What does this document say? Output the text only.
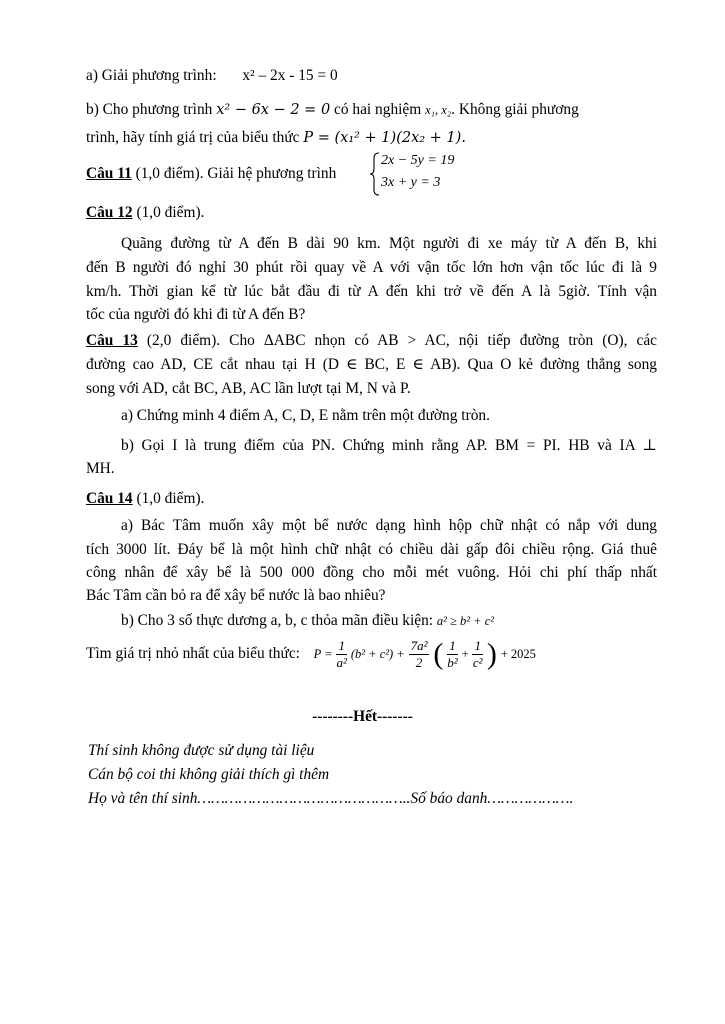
a) Giải phương trình: x² – 2x - 15 = 0
b) Cho phương trình x² − 6x − 2 = 0 có hai nghiệm x₁, x₂. Không giải phương
trình, hãy tính giá trị của biểu thức P = (x₁² + 1)(2x₂ + 1).
Câu 11 (1,0 điểm). Giải hệ phương trình
2x − 5y = 19
3x + y = 3
Câu 12 (1,0 điểm).
Quãng đường từ A đến B dài 90 km. Một người đi xe máy từ A đến B, khi
đến B người đó nghỉ 30 phút rồi quay về A với vận tốc lớn hơn vận tốc lúc đi là 9
km/h. Thời gian kể từ lúc bắt đầu đi từ A đến khi trở về đến A là 5giờ. Tính vận
tốc của người đó khi đi từ A đến B?
Câu 13 (2,0 điểm). Cho ΔABC nhọn có AB > AC, nội tiếp đường tròn (O), các
đường cao AD, CE cắt nhau tại H (D ∈ BC, E ∈ AB). Qua O kẻ đường thẳng song
song với AD, cắt BC, AB, AC lần lượt tại M, N và P.
a) Chứng minh 4 điểm A, C, D, E nằm trên một đường tròn.
b) Gọi I là trung điểm của PN. Chứng minh rằng AP. BM = PI. HB và IA ⊥
MH.
Câu 14 (1,0 điểm).
a) Bác Tâm muốn xây một bể nước dạng hình hộp chữ nhật có nắp với dung
tích 3000 lít. Đáy bể là một hình chữ nhật có chiều dài gấp đôi chiều rộng. Giá thuê
công nhân để xây bể là 500 000 đồng cho mỗi mét vuông. Hỏi chi phí thấp nhất
Bác Tâm cần bỏ ra để xây bể nước là bao nhiêu?
b) Cho 3 số thực dương a, b, c thỏa mãn điều kiện: a² ≥ b² + c²
Tìm giá trị nhỏ nhất của biểu thức: $P = \frac{1}{\text{a²}} (b^2 + c^2) + \frac{\text{7a²}}{2}$ ( $\frac{1}{\text{b²}} + \frac{1}{\text{c²}}$ ) + 2025
--------Hết-------
Thí sinh không được sử dụng tài liệu
Cán bộ coi thi không giải thích gì thêm
Họ và tên thí sinh………………………………………..Số báo danh……………….
